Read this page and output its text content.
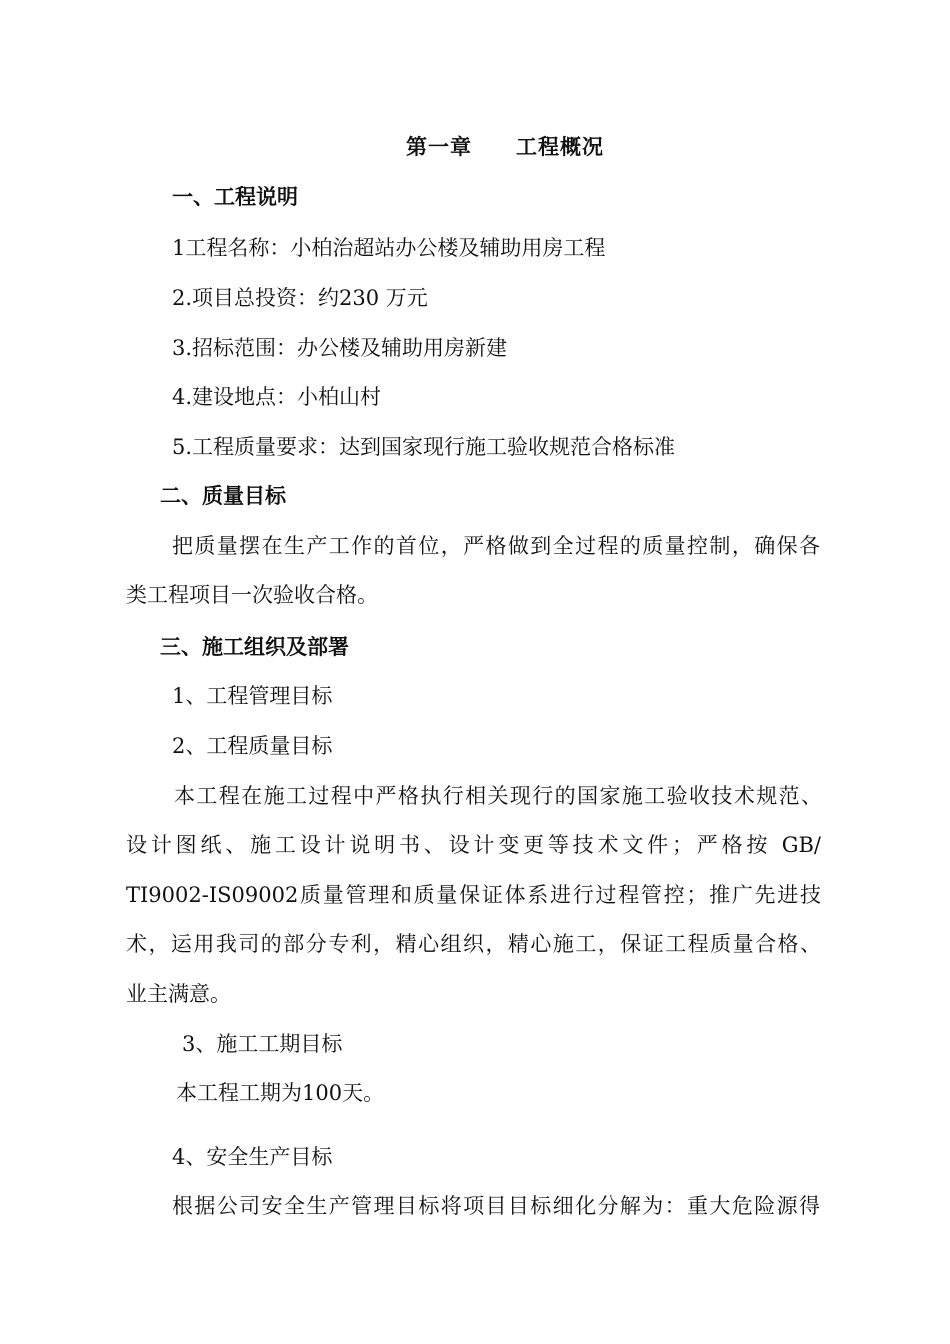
第一章　　工程概况
一、工程说明
1工程名称：小柏治超站办公楼及辅助用房工程
2.项目总投资：约230 万元
3.招标范围：办公楼及辅助用房新建
4.建设地点：小柏山村
5.工程质量要求：达到国家现行施工验收规范合格标准
二、质量目标
把质量摆在生产工作的首位，严格做到全过程的质量控制，确保各
类工程项目一次验收合格。
三、施工组织及部署
1、工程管理目标
2、工程质量目标
本工程在施工过程中严格执行相关现行的国家施工验收技术规范、
设计图纸、施工设计说明书、设计变更等技术文件；严格按 GB/
TI9002-IS09002质量管理和质量保证体系进行过程管控；推广先进技
术，运用我司的部分专利，精心组织，精心施工，保证工程质量合格、
业主满意。
3、施工工期目标
本工程工期为100天。
4、安全生产目标
根据公司安全生产管理目标将项目目标细化分解为：重大危险源得
